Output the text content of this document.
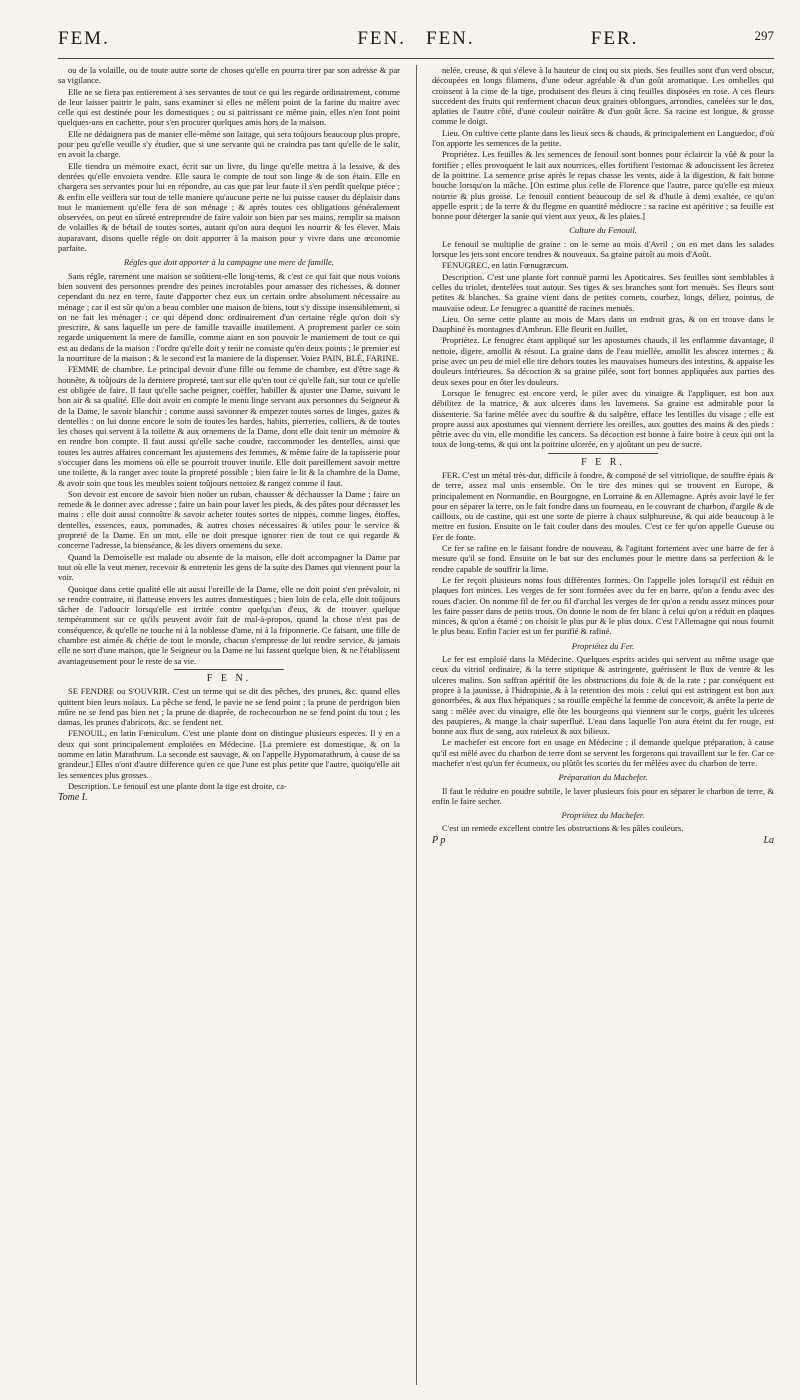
FEM.	FEN. FEN.	FER.	297

ou de la volaille, ou de toute autre sorte de choses qu'elle en pourra tirer par son adresse & par sa vigilance.

Elle ne se fiera pas entierement à ses servantes de tout ce qui les regarde ordinairement, comme de leur laisser paitrir le pain, sans examiner si elles ne mêlent point de la farine du maitre avec celle qui est destinée pour les domestiques ; ou si paitrissant ce même pain, elles n'en font point quelques-uns en cachette, pour s'en procurer quelques amis hors de la maison.

Elle ne dédaignera pas de manier elle-même son laitage, qui sera toûjours beaucoup plus propre, pour peu qu'elle veuille s'y étudier, que si une servante qui ne craindra pas tant qu'elle de le salir, en avoit la charge.

Elle tiendra un mémoire exact, écrit sur un livre, du linge qu'elle mettra à la lessive, & des denrées qu'elle envoiera vendre. Elle saura le compte de tout son linge & de son étain. Elle en chargera ses servantes pour lui en répondre, au cas que par leur faute il s'en perdît quelque piéce ; & enfin elle veillera sur tout de telle maniere qu'aucune perte ne lui puisse causer du déplaisir dans tout le maniement qu'elle fera de son ménage ; & après toutes ces obligations généralement observées, on peut en sûreté entreprendre de faire valoir son bien par ses mains, remplir sa maison de volailles & de bétail de toutes sortes, autant qu'on aura dequoi les nourrir & les élever. Mais auparavant, disons quelle régle on doit apporter à la maison pour y vivre dans une œconomie parfaite.

Régles que doit apporter à la campagne une mere de famille.

Sans régle, rarement une maison se soûtient-elle long-tems, & c'est ce qui fait que nous voions bien souvent des personnes prendre des peines incroiables pour amasser des richesses, & donner cependant du nez en terre, faute d'apporter chez eux un certain ordre absolument nécessaire au ménage ; car il est sûr qu'on a beau combler une maison de biens, tout s'y dissipe insensiblement, si on ne fait les ménager ; ce qui dépend donc ordinairement d'un certaine régle qu'on doit s'y prescrire, & sans laquelle un pere de famille travaille inutilement. A proprement parler ce soin regarde uniquement la mere de famille, comme aiant en son pouvoir le maniement de tout ce qui est au dedans de la maison : l'ordre qu'elle doit y tenir ne consiste qu'en deux points ; le premier est la nourriture de la maison ; & le second est la maniere de la dispenser. Voiez PAIN, BLÉ, FARINE.

FEMME de chambre. Le principal devoir d'une fille ou femme de chambre, est d'être sage & honnête, & toûjours de la derniere propreté, tant sur elle qu'en tout ce qu'elle fait, sur tout ce qu'elle est obligée de faire. Il faut qu'elle sache peigner, coëffer, habiller & ajuster une Dame, suivant le bon air & sa qualité. Elle doit avoir en compte le menu linge servant aux personnes du Seigneur & de la Dame, le savoir blanchir ; comme aussi savonner & empezer toutes sortes de linges, gazes & dentelles : on lui donne encore le soin de toutes les hardes, habits, pierreries, colliers, & de toutes les choses qui servent à la toilette & aux ornemens de la Dame, dont elle doit tenir un mémoire & en rendre bon compte. Il faut aussi qu'elle sache coudre, raccommoder les dentelles, ainsi que toutes les autres affaires concernant les ajustemens des femmes, & même faire de la tapisserie pour s'occuper dans les momens où elle se pourroit trouver inutile. Elle doit pareillement savoir mettre une toilette, & la ranger avec toute la propreté possible ; bien faire le lit & la chambre de la Dame, & avoir soin que tous les meubles soient toûjours nettoiez & rangez comme il faut.

Son devoir est encore de savoir bien noüer un ruban, chausser & déchausser la Dame ; faire un remede & le donner avec adresse ; faire un bain pour laver les pieds, & des pâtes pour décrasser les mains : elle doit aussi connoître & savoir acheter toutes sortes de nippes, comme linges, étoffes, dentelles, essences, eaux, pommades, & autres choses nécessaires & utiles pour le service & propreté de la Dame. En un mot, elle ne doit presque ignorer rien de tout ce qui regarde & concerne l'adresse, la bienséance, & les divers ornemens du sexe.

Quand la Demoiselle est malade ou absente de la maison, elle doit accompagner la Dame par tout où elle la veut mener, recevoir & entretenir les gens de la suite des Dames qui viennent pour la voir.

Quoique dans cette qualité elle ait aussi l'oreille de la Dame, elle ne doit point s'en prévaloir, ni se rendre contraire, ni flatteuse envers les autres domestiques ; bien loin de cela, elle doit toûjours tâcher de l'adoucir lorsqu'elle est irritée contre quelqu'un d'eux, & de trouver quelque tempéramment sur ce qu'ils peuvent avoir fait de mal-à-propos, quand la chose n'est pas de conséquence, & qu'elle ne touche ni à la noblesse d'ame, ni à la friponnerie. Ce faisant, une fille de chambre est aimée & chérie de tout le monde, chacun s'empresse de lui rendre service, & jamais elle ne sort d'une maison, que le Seigneur ou la Dame ne lui fassent quelque bien, & ne l'établissent avantageusement pour le reste de sa vie.

F E N.

SE FENDRE ou S'OUVRIR. C'est un terme qui se dit des pêches, des prunes, &c. quand elles quittent bien leurs noïaux. La pêche se fend, le pavie ne se fend point ; la prune de perdrigon bien mûre ne se fend pas bien net ; la prune de diaprée, de rochecourbon ne se fend point du tout ; les damas, les prunes d'abricots, &c. se fendent net.

FENOUIL, en latin Fœniculum. C'est une plante dont on distingue plusieurs especes. Il y en a deux qui sont principalement emploiées en Médecine. [La premiere est domestique, & on la nomme en latin Marathrum. La seconde est sauvage, & on l'appelle Hypomarathrum, à cause de sa grandeur.] Elles n'ont d'autre difference qu'en ce que l'une est plus petite que l'autre, quoiqu'elle ait les semences plus grosses.

Description. Le fenouil est une plante dont la tige est droite, ca-

Tome I.

nelée, creuse, & qui s'éleve à la hauteur de cinq ou six pieds. Ses feuilles sont d'un verd obscur, découpées en longs filamens, d'une odeur agréable & d'un goût aromatique. Les ombelles qui croissent à la cime de la tige, produisent des fleurs à cinq feuilles disposées en rose. A ces fleurs succedent des fruits qui renferment chacun deux graines oblongues, arrondies, canelées sur le dos, aplaties de l'autre côté, d'une couleur noirâtre & d'un goût âcre. Sa racine est longue, & grosse comme le doigt.

Lieu. On cultive cette plante dans les lieux secs & chauds, & principalement en Languedoc, d'où l'on apporte les semences de la petite.

Propriétez. Les feuilles & les semences de fenouil sont bonnes pour éclaircir la vûë & pour la fortifier ; elles provoquent le lait aux nourrices, elles fortifient l'estomac & adoucissent les âcretez de la poitrine. La semence prise après le repas chasse les vents, aide à la digestion, & fait bonne bouche lorsqu'on la mâche. [On estime plus celle de Florence que l'autre, parce qu'elle est mieux nourrie & plus grosse. Le fenouil contient beaucoup de sel & d'huile à demi exaltée, ce qu'on appelle esprit ; de la terre & du flegme en quantité médiocre : sa racine est apéritive ; sa feuille est bonne pour déterger la sanie qui vient aux yeux, & les plaies.]

Culture du Fenouil.

Le fenouil se multiplie de graine : on le seme au mois d'Avril ; on en met dans les salades lorsque les jets sont encore tendres & nouveaux. Sa graine paroît au mois d'Août.

FENUGREC, en latin Fœnugræcum.

Description. C'est une plante fort connuë parmi les Apoticaires. Ses feuilles sont semblables à celles du triolet, dentelées tout autour. Ses tiges & ses branches sont fort menuës. Ses fleurs sont petites & blanches. Sa graine vient dans de petites cornets, courbez, longs, déliez, pointus, de mauvaise odeur. Le fenugrec a quantité de racines menuës.

Lieu. On seme cette plante au mois de Mars dans un endroit gras, & on en trouve dans le Dauphiné ès montagnes d'Ambrun. Elle fleurit en Juillet.

Propriétez. Le fenugrec étant appliqué sur les apostumes chauds, il les enflamme davantage, il nettoie, digere, amollit & résout. La graine dans de l'eau miellée, amollit les abscez internes ; & prise avec un peu de miel elle tire dehors toutes les mauvaises humeurs des intestins, & appaise les douleurs intérieures. Sa décoction & sa graine pilée, sont fort bonnes appliquées aux parties des deux sexes pour en ôter les douleurs.

Lorsque le fenugrec est encore verd, le piler avec du vinaigre & l'appliquer, est bon aux débilitez de la matrice, & aux ulceres dans les lavemens. Sa graine est admirable pour la dissenterie. Sa farine mêlée avec du souffre & du salpêtre, efface les lentilles du visage ; elle est propre aussi aux apostumes qui viennent derriere les oreilles, aux gouttes des mains & des pieds : pêtrie avec du vin, elle mondifie les cancers. Sa décoction est bonne à faire boire à ceux qui ont la toux de long-tems, & qui ont la poitrine ulcerée, en y ajoûtant un peu de sucre.

F E R.

FER. C'est un métal très-dur, difficile à fondre, & composé de sel vitriolique, de souffre épais & de terre, assez mal unis ensemble. On le tire des mines qui se trouvent en Europe, & principalement en Normandie, en Bourgogne, en Lorraine & en Allemagne. Après avoir lavé le fer pour en séparer la terre, on le fait fondre dans un fourneau, en le couvrant de charbon, d'argile & de cailloux, ou de castine, qui est une sorte de pierre à chaux sulphureuse, & qui aide beaucoup à le mettre en fusion. Ensuite on le fait couler dans des moules. C'est ce fer qu'on appelle Gueuse ou Fer de fonte.

Ce fer se rafine en le faisant fondre de nouveau, & l'agitant fortement avec une barre de fer à mesure qu'il se fond. Ensuite on le bat sur des enclumes pour le mettre dans sa perfection & le rendre capable de souffrir la lime.

Le fer reçoit plusieurs noms fous différentes formes. On l'appelle joles lorsqu'il est réduit en plaques fort minces. Les verges de fer sont formées avec du fer en barre, qu'on a fendu avec des roues d'acier. On nomme fil de fer ou fil d'archal les verges de fer qu'on a rendu assez minces pour les faire passer dans de petits trous. On donne le nom de fer blanc à celui qu'on a réduit en plaques minces, & qu'on a étamé ; on choisit le plus pur & le plus doux. C'est l'Allemagne qui nous fournit le plus beau. Enfin l'acier est un fer purifié & rafiné.

Propriétez du Fer.

Le fer est emploïé dans la Médecine. Quelques esprits acides qui servent au même usage que ceux du vitriol ordinaire, & la terre stiptique & astringente, guérissent le flux de ventre & les ulceres malins. Son saffran apéritif ôte les obstructions du foie & de la rate ; par conséquent est propre à la jaunisse, à l'hidropisie, & à la retention des mois : celui qui est astringent est bon aux gonorrhées, & aux flux hépatiques ; sa rouille empêche la femme de concevoir, & arrête la perte de sang : mêlée avec du vinaigre, elle ôte les bourgeons qui viennent sur le corps, guérit les ulceres des paupieres, & mange la chair superfluë. L'eau dans laquelle l'on aura éteint du fer rouge, est bonne aux flux de sang, aux rateleux & aux bilieux.

Le machefer est encore fort en usage en Médecine ; il demande quelque préparation, à cause qu'il est mêlé avec du charbon de terre dont se servent les forgerons qui travaillent sur le fer. Car ce machefer n'est qu'un fer écumeux, ou plûtôt les scories du fer mêlées avec du charbon de terre.

Préparation du Machefer.

Il faut le réduire en poudre subtile, le laver plusieurs fois pour en séparer le charbon de terre, & enfin le faire secher.

Propriétez du Machefer.

C'est un remede excellent contre les obstructions & les pâles couleurs.

P p	La
